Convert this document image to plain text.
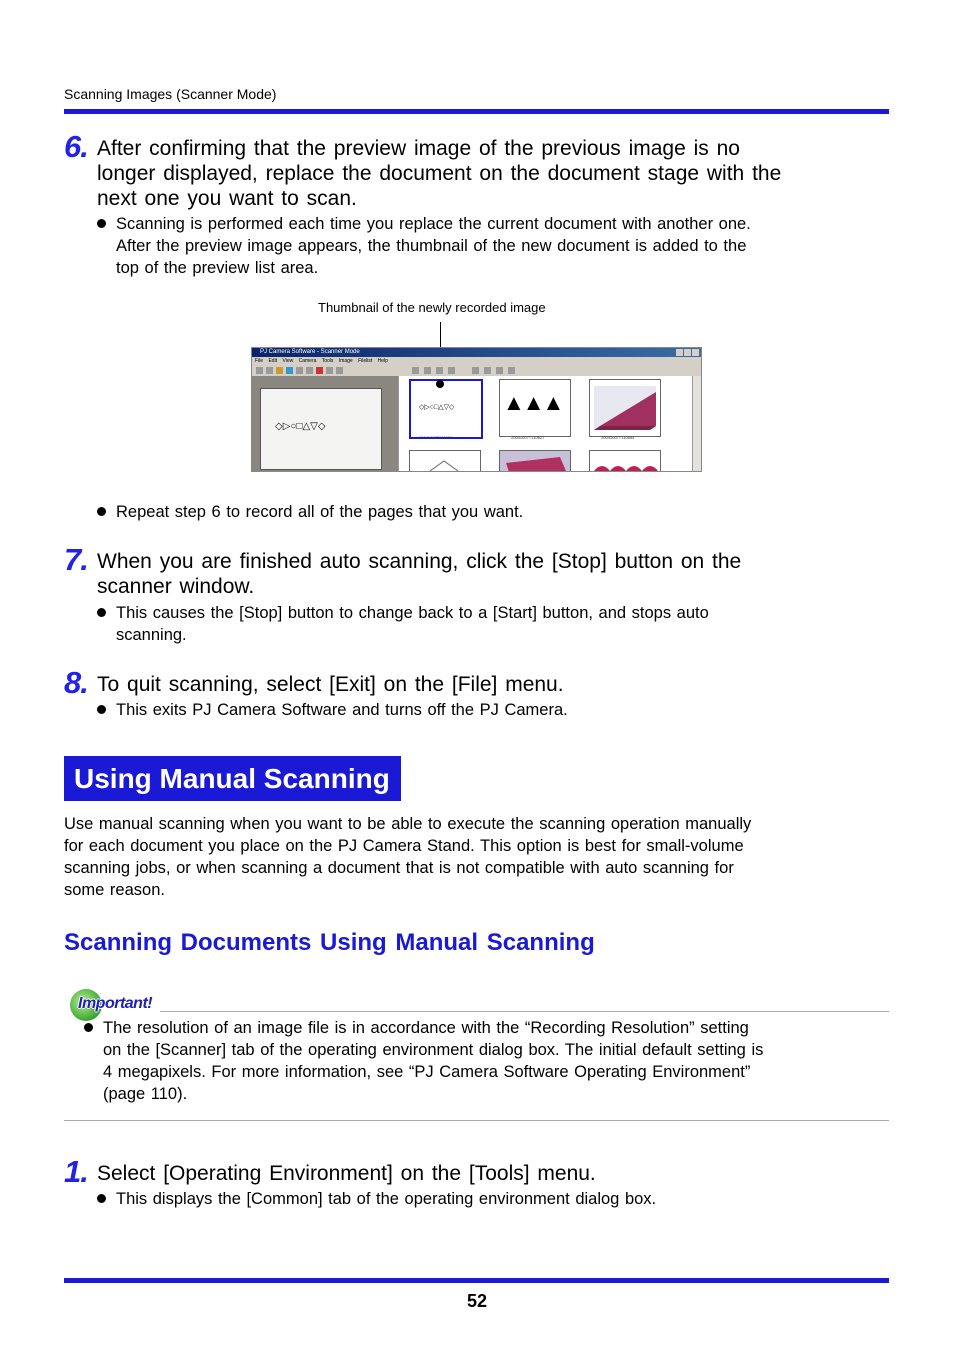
Scanning Images (Scanner Mode)
6. After confirming that the preview image of the previous image is no
longer displayed, replace the document on the document stage with the
next one you want to scan.
Scanning is performed each time you replace the current document with another one.
After the preview image appears, the thumbnail of the new document is added to the
top of the preview list area.
Thumbnail of the newly recorded image
PJ Camera Software - Scanner Mode
File Edit View Camera Tools Image Filelist Help
◇▷○□△▽◇
◇▷○□△▽◇
20041007T110853
▲▲▲
20041007T110827	20041007T110854
Repeat step 6 to record all of the pages that you want.
7. When you are finished auto scanning, click the [Stop] button on the
scanner window.
This causes the [Stop] button to change back to a [Start] button, and stops auto
scanning.
8. To quit scanning, select [Exit] on the [File] menu.
This exits PJ Camera Software and turns off the PJ Camera.
Using Manual Scanning
Use manual scanning when you want to be able to execute the scanning operation manually
for each document you place on the PJ Camera Stand. This option is best for small-volume
scanning jobs, or when scanning a document that is not compatible with auto scanning for
some reason.
Scanning Documents Using Manual Scanning
Important!
The resolution of an image file is in accordance with the “Recording Resolution” setting
on the [Scanner] tab of the operating environment dialog box. The initial default setting is
4 megapixels. For more information, see “PJ Camera Software Operating Environment”
(page 110).
1. Select [Operating Environment] on the [Tools] menu.
This displays the [Common] tab of the operating environment dialog box.
52
